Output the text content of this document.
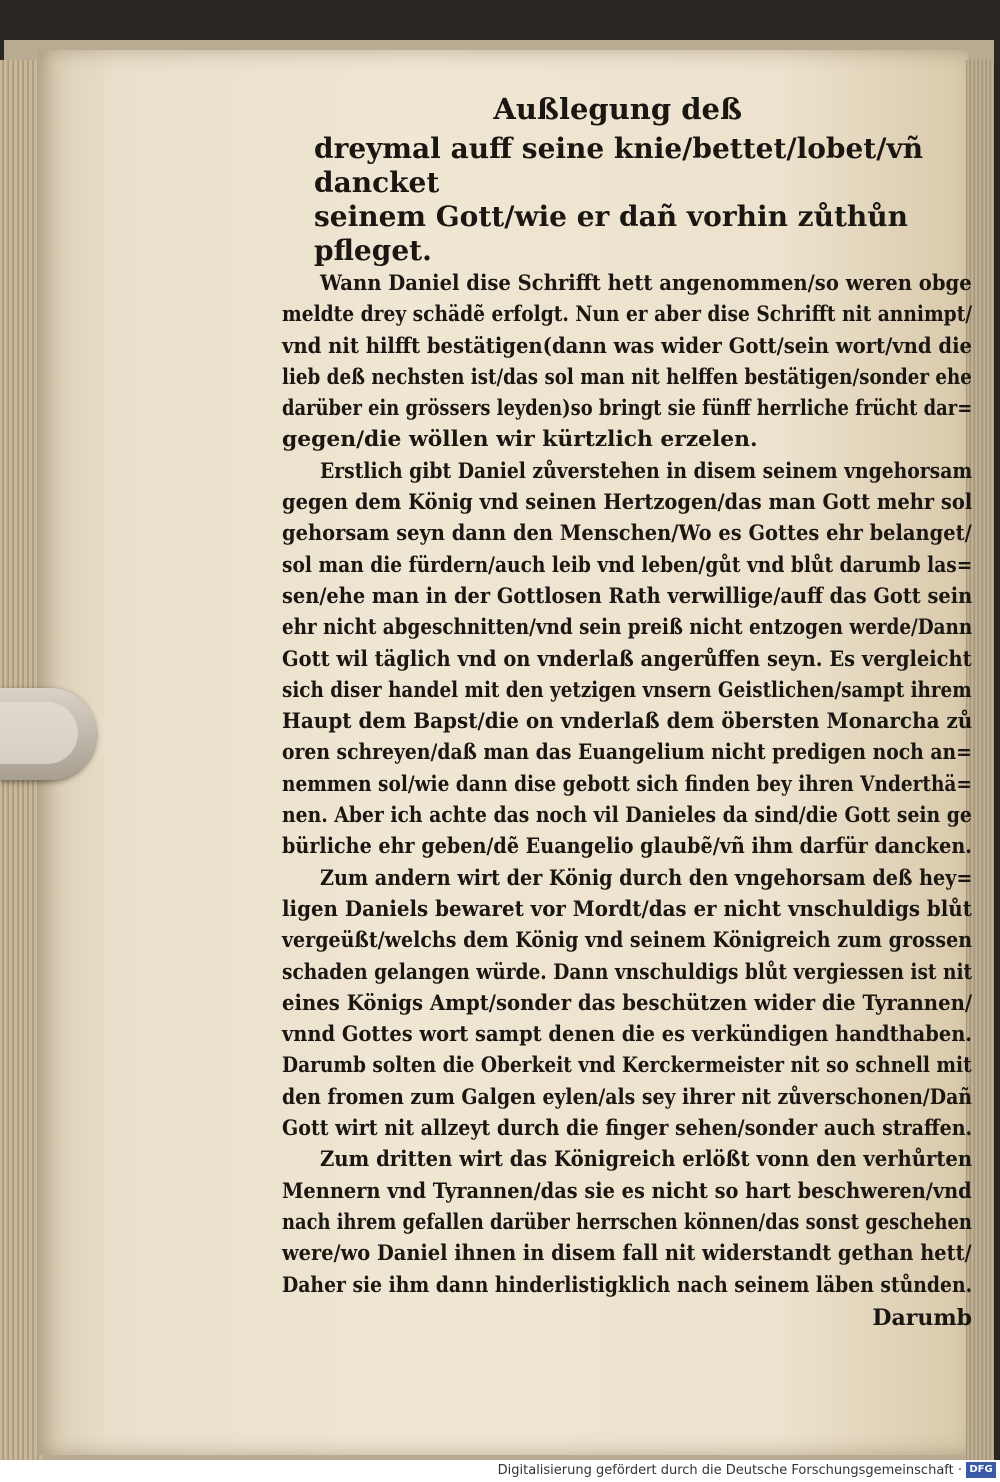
Außlegung deß
dreymal auff seine knie/bettet/lobet/vñ dancket
seinem Gott/wie er dañ vorhin zůthůn pfleget.
Wann Daniel dise Schrifft hett angenommen/so weren obge
meldte drey schädẽ erfolgt. Nun er aber dise Schrifft nit annimpt/
vnd nit hilfft bestätigen(dann was wider Gott/sein wort/vnd die
lieb deß nechsten ist/das sol man nit helffen bestätigen/sonder ehe
darüber ein grössers leyden)so bringt sie fünff herrliche frücht dar=
gegen/die wöllen wir kürtzlich erzelen.
Erstlich gibt Daniel zůverstehen in disem seinem vngehorsam
gegen dem König vnd seinen Hertzogen/das man Gott mehr sol
gehorsam seyn dann den Menschen/Wo es Gottes ehr belanget/
sol man die fürdern/auch leib vnd leben/gůt vnd blůt darumb las=
sen/ehe man in der Gottlosen Rath verwillige/auff das Gott sein
ehr nicht abgeschnitten/vnd sein preiß nicht entzogen werde/Dann
Gott wil täglich vnd on vnderlaß angerůffen seyn. Es vergleicht
sich diser handel mit den yetzigen vnsern Geistlichen/sampt ihrem
Haupt dem Bapst/die on vnderlaß dem öbersten Monarcha zů
oren schreyen/daß man das Euangelium nicht predigen noch an=
nemmen sol/wie dann dise gebott sich finden bey ihren Vnderthä=
nen. Aber ich achte das noch vil Danieles da sind/die Gott sein ge
bürliche ehr geben/dẽ Euangelio glaubẽ/vñ ihm darfür dancken.
Zum andern wirt der König durch den vngehorsam deß hey=
ligen Daniels bewaret vor Mordt/das er nicht vnschuldigs blůt
vergeüßt/welchs dem König vnd seinem Königreich zum grossen
schaden gelangen würde. Dann vnschuldigs blůt vergiessen ist nit
eines Königs Ampt/sonder das beschützen wider die Tyrannen/
vnnd Gottes wort sampt denen die es verkündigen handthaben.
Darumb solten die Oberkeit vnd Kerckermeister nit so schnell mit
den fromen zum Galgen eylen/als sey ihrer nit zůverschonen/Dañ
Gott wirt nit allzeyt durch die finger sehen/sonder auch straffen.
Zum dritten wirt das Königreich erlößt vonn den verhůrten
Mennern vnd Tyrannen/das sie es nicht so hart beschweren/vnd
nach ihrem gefallen darüber herrschen können/das sonst geschehen
were/wo Daniel ihnen in disem fall nit widerstandt gethan hett/
Daher sie ihm dann hinderlistigklich nach seinem läben stůnden.
Darumb
Digitalisierung gefördert durch die Deutsche Forschungsgemeinschaft · DFG
